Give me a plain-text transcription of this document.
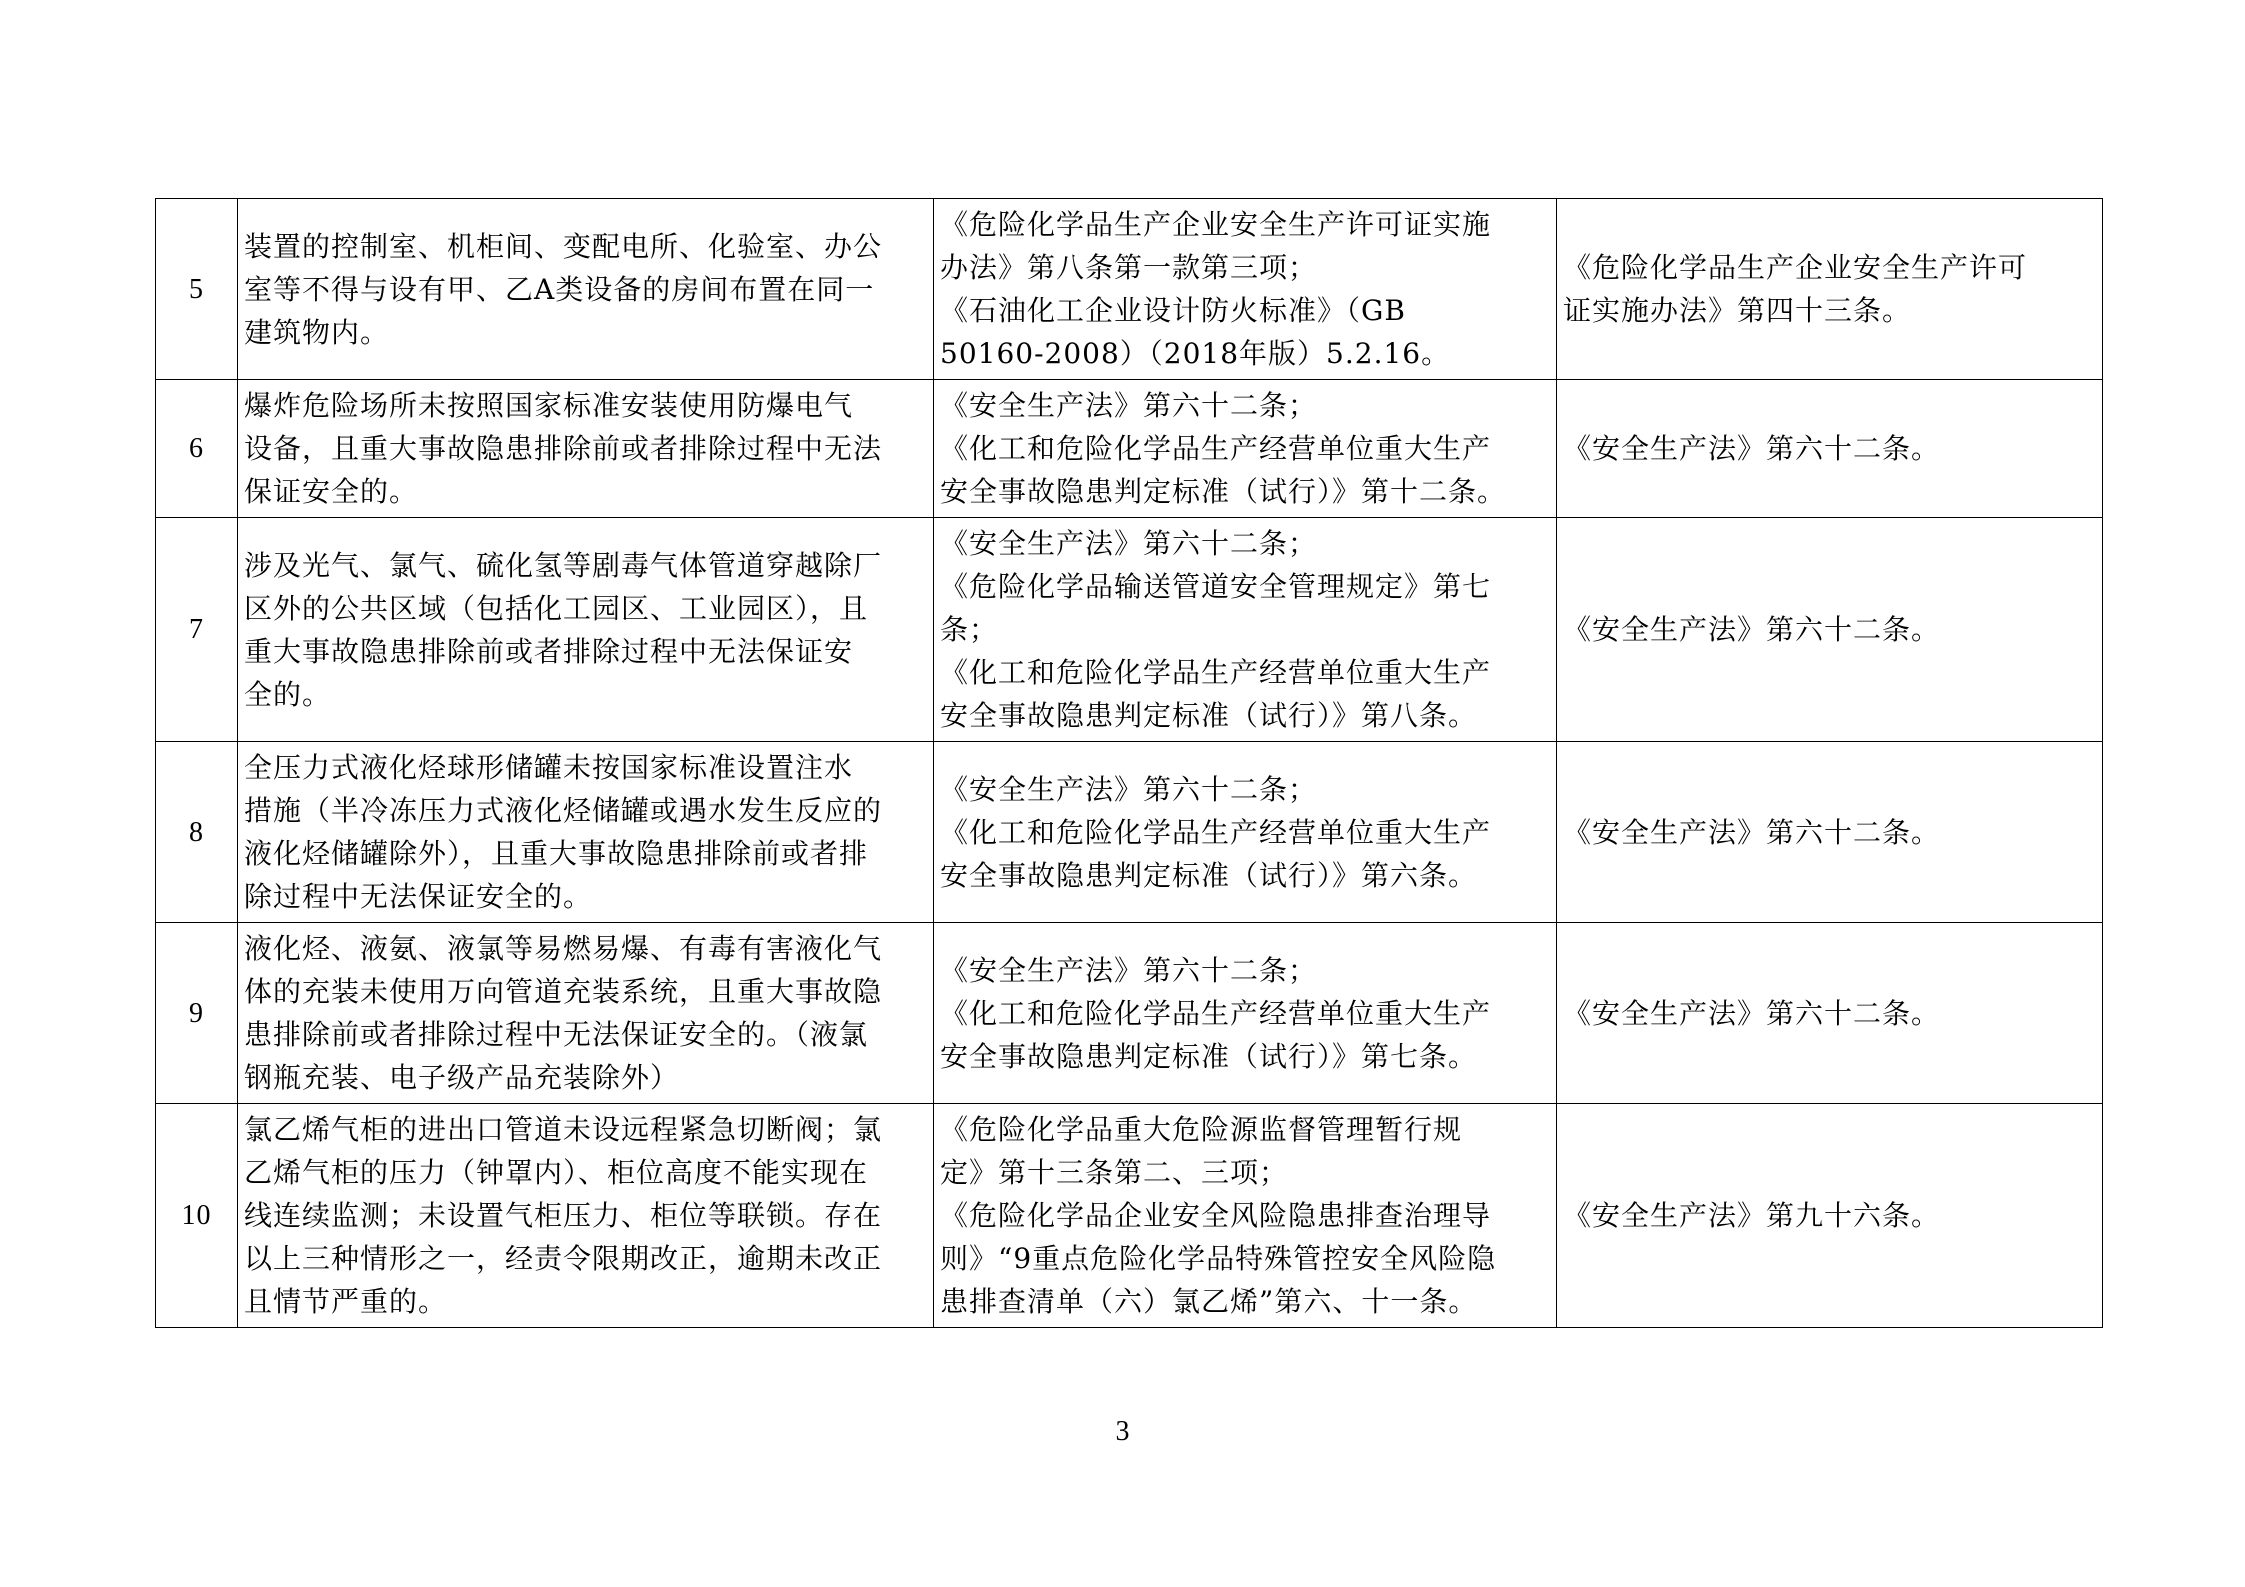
5	装置的控制室、机柜间、变配电所、化验室、办公
室等不得与设有甲、乙A类设备的房间布置在同一
建筑物内。	《危险化学品生产企业安全生产许可证实施
办法》第八条第一款第三项；
《石油化工企业设计防火标准》（GB
50160-2008）（2018年版）5.2.16。	《危险化学品生产企业安全生产许可
证实施办法》第四十三条。

6	爆炸危险场所未按照国家标准安装使用防爆电气
设备，且重大事故隐患排除前或者排除过程中无法
保证安全的。	《安全生产法》第六十二条；
《化工和危险化学品生产经营单位重大生产
安全事故隐患判定标准（试行）》第十二条。	《安全生产法》第六十二条。

7	涉及光气、氯气、硫化氢等剧毒气体管道穿越除厂
区外的公共区域（包括化工园区、工业园区），且
重大事故隐患排除前或者排除过程中无法保证安
全的。	《安全生产法》第六十二条；
《危险化学品输送管道安全管理规定》第七
条；
《化工和危险化学品生产经营单位重大生产
安全事故隐患判定标准（试行）》第八条。	《安全生产法》第六十二条。

8	全压力式液化烃球形储罐未按国家标准设置注水
措施（半冷冻压力式液化烃储罐或遇水发生反应的
液化烃储罐除外），且重大事故隐患排除前或者排
除过程中无法保证安全的。	《安全生产法》第六十二条；
《化工和危险化学品生产经营单位重大生产
安全事故隐患判定标准（试行）》第六条。	《安全生产法》第六十二条。

9	液化烃、液氨、液氯等易燃易爆、有毒有害液化气
体的充装未使用万向管道充装系统，且重大事故隐
患排除前或者排除过程中无法保证安全的。（液氯
钢瓶充装、电子级产品充装除外）	《安全生产法》第六十二条；
《化工和危险化学品生产经营单位重大生产
安全事故隐患判定标准（试行）》第七条。	《安全生产法》第六十二条。

10	氯乙烯气柜的进出口管道未设远程紧急切断阀；氯
乙烯气柜的压力（钟罩内）、柜位高度不能实现在
线连续监测；未设置气柜压力、柜位等联锁。存在
以上三种情形之一，经责令限期改正，逾期未改正
且情节严重的。	《危险化学品重大危险源监督管理暂行规
定》第十三条第二、三项；
《危险化学品企业安全风险隐患排查治理导
则》“9重点危险化学品特殊管控安全风险隐
患排查清单（六）氯乙烯”第六、十一条。	《安全生产法》第九十六条。
3
